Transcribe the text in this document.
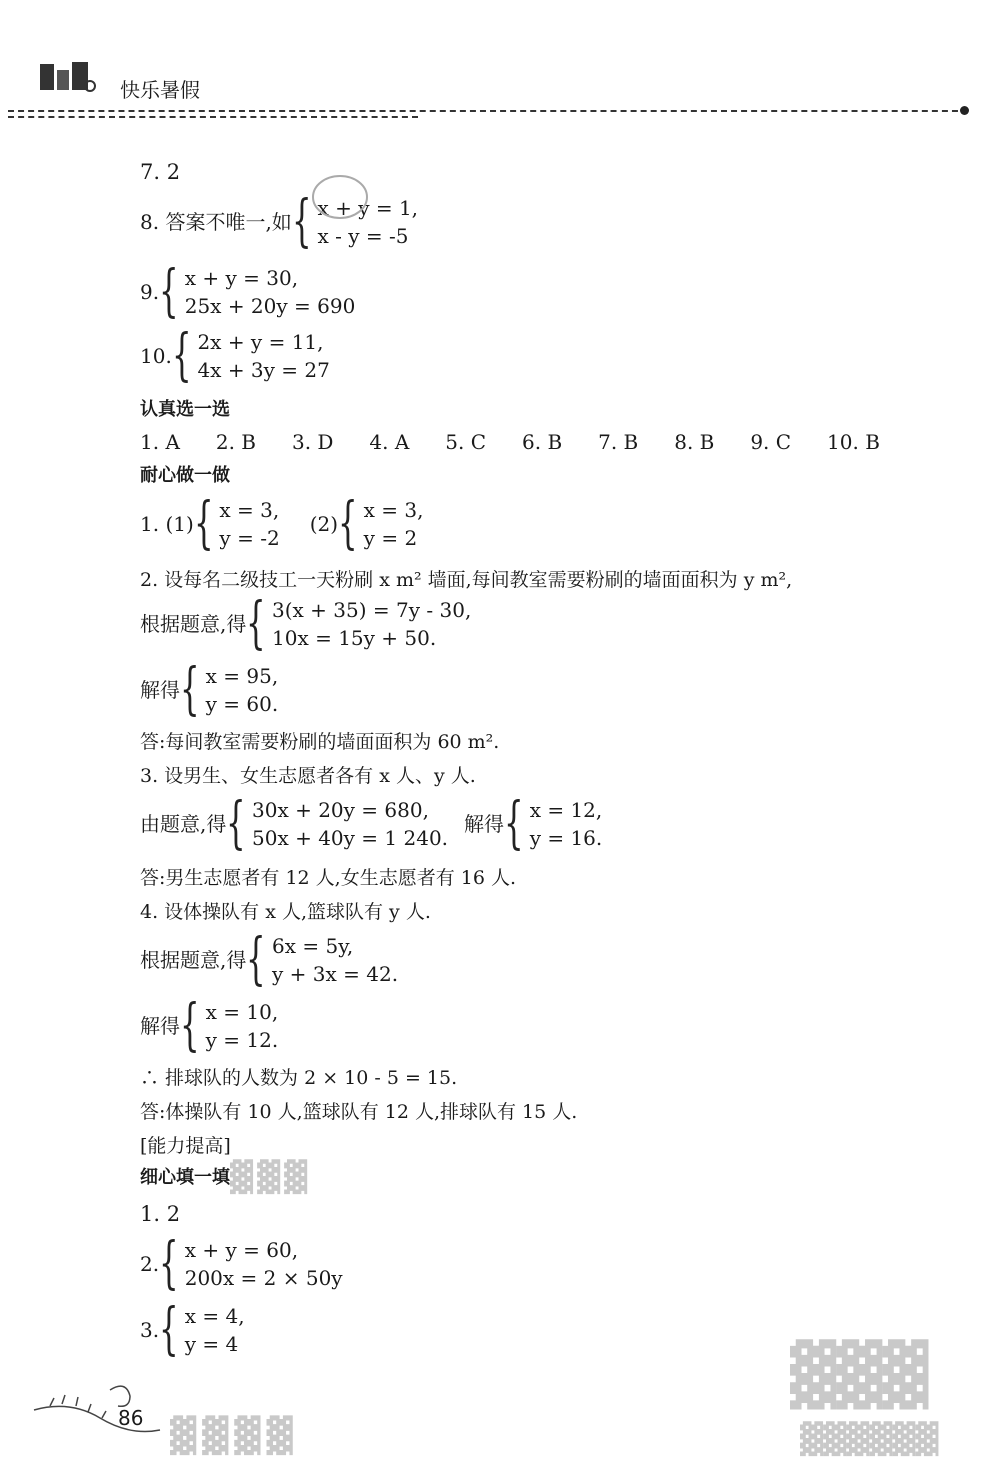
快乐暑假
7. 2
8. 答案不唯一,如 { x + y = 1,
x - y = -5
9. { x + y = 30,
25x + 20y = 690
10. { 2x + y = 11,
4x + 3y = 27
认真选一选
1. A 2. B 3. D 4. A 5. C 6. B 7. B 8. B 9. C 10. B
耐心做一做
1. (1) { x = 3,
y = -2
(2) { x = 3,
y = 2
2. 设每名二级技工一天粉刷 x m² 墙面,每间教室需要粉刷的墙面面积为 y m²,
根据题意,得 { 3(x + 35) = 7y - 30,
10x = 15y + 50.
解得 { x = 95,
y = 60.
答:每间教室需要粉刷的墙面面积为 60 m².
3. 设男生、女生志愿者各有 x 人、y 人.
由题意,得 { 30x + 20y = 680,
50x + 40y = 1 240.
解得 { x = 12,
y = 16.
答:男生志愿者有 12 人,女生志愿者有 16 人.
4. 设体操队有 x 人,篮球队有 y 人.
根据题意,得 { 6x = 5y,
y + 3x = 42.
解得 { x = 10,
y = 12.
∴ 排球队的人数为 2 × 10 - 5 = 15.
答:体操队有 10 人,篮球队有 12 人,排球队有 15 人.
[能力提高]
细心填一填 ▓▓▓
1. 2
2. { x + y = 60,
200x = 2 × 50y
3. { x = 4,
y = 4
86 ▓▓▓▓
▓▓▓
▓▓▓▓▓▓
